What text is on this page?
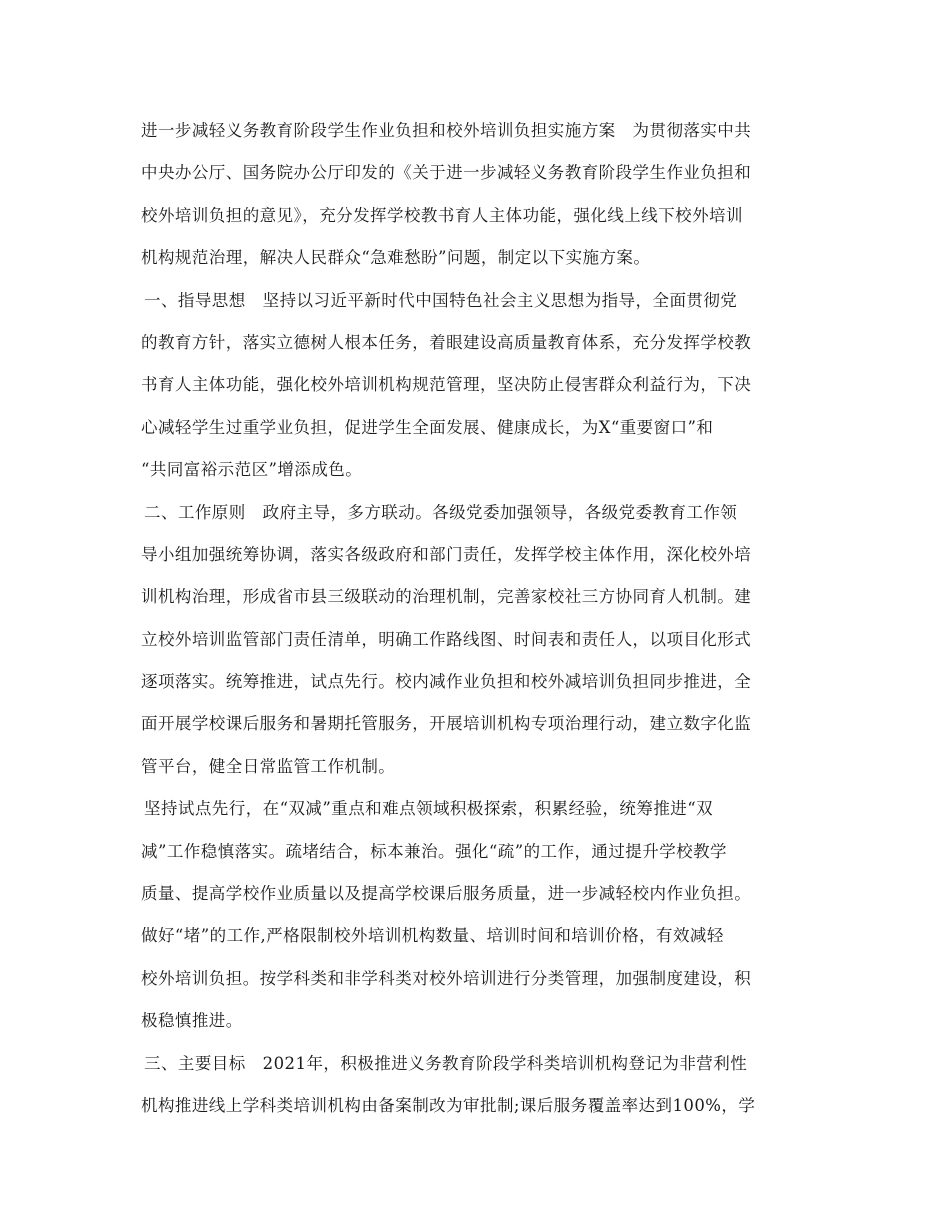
进一步减轻义务教育阶段学生作业负担和校外培训负担实施方案　为贯彻落实中共
中央办公厅、国务院办公厅印发的《关于进一步减轻义务教育阶段学生作业负担和
校外培训负担的意见》，充分发挥学校教书育人主体功能，强化线上线下校外培训
机构规范治理，解决人民群众“急难愁盼”问题，制定以下实施方案。
一、指导思想　坚持以习近平新时代中国特色社会主义思想为指导，全面贯彻党
的教育方针，落实立德树人根本任务，着眼建设高质量教育体系，充分发挥学校教
书育人主体功能，强化校外培训机构规范管理，坚决防止侵害群众利益行为，下决
心减轻学生过重学业负担，促进学生全面发展、健康成长，为X“重要窗口”和
“共同富裕示范区”增添成色。
二、工作原则　政府主导，多方联动。各级党委加强领导，各级党委教育工作领
导小组加强统筹协调，落实各级政府和部门责任，发挥学校主体作用，深化校外培
训机构治理，形成省市县三级联动的治理机制，完善家校社三方协同育人机制。建
立校外培训监管部门责任清单，明确工作路线图、时间表和责任人，以项目化形式
逐项落实。统筹推进，试点先行。校内减作业负担和校外减培训负担同步推进，全
面开展学校课后服务和暑期托管服务，开展培训机构专项治理行动，建立数字化监
管平台，健全日常监管工作机制。
坚持试点先行，在“双减”重点和难点领域积极探索，积累经验，统筹推进“双
减”工作稳慎落实。疏堵结合，标本兼治。强化“疏”的工作，通过提升学校教学
质量、提高学校作业质量以及提高学校课后服务质量，进一步减轻校内作业负担。
做好“堵”的工作,严格限制校外培训机构数量、培训时间和培训价格，有效减轻
校外培训负担。按学科类和非学科类对校外培训进行分类管理，加强制度建设，积
极稳慎推进。
三、主要目标　2021年，积极推进义务教育阶段学科类培训机构登记为非营利性
机构推进线上学科类培训机构由备案制改为审批制;课后服务覆盖率达到100%，学
